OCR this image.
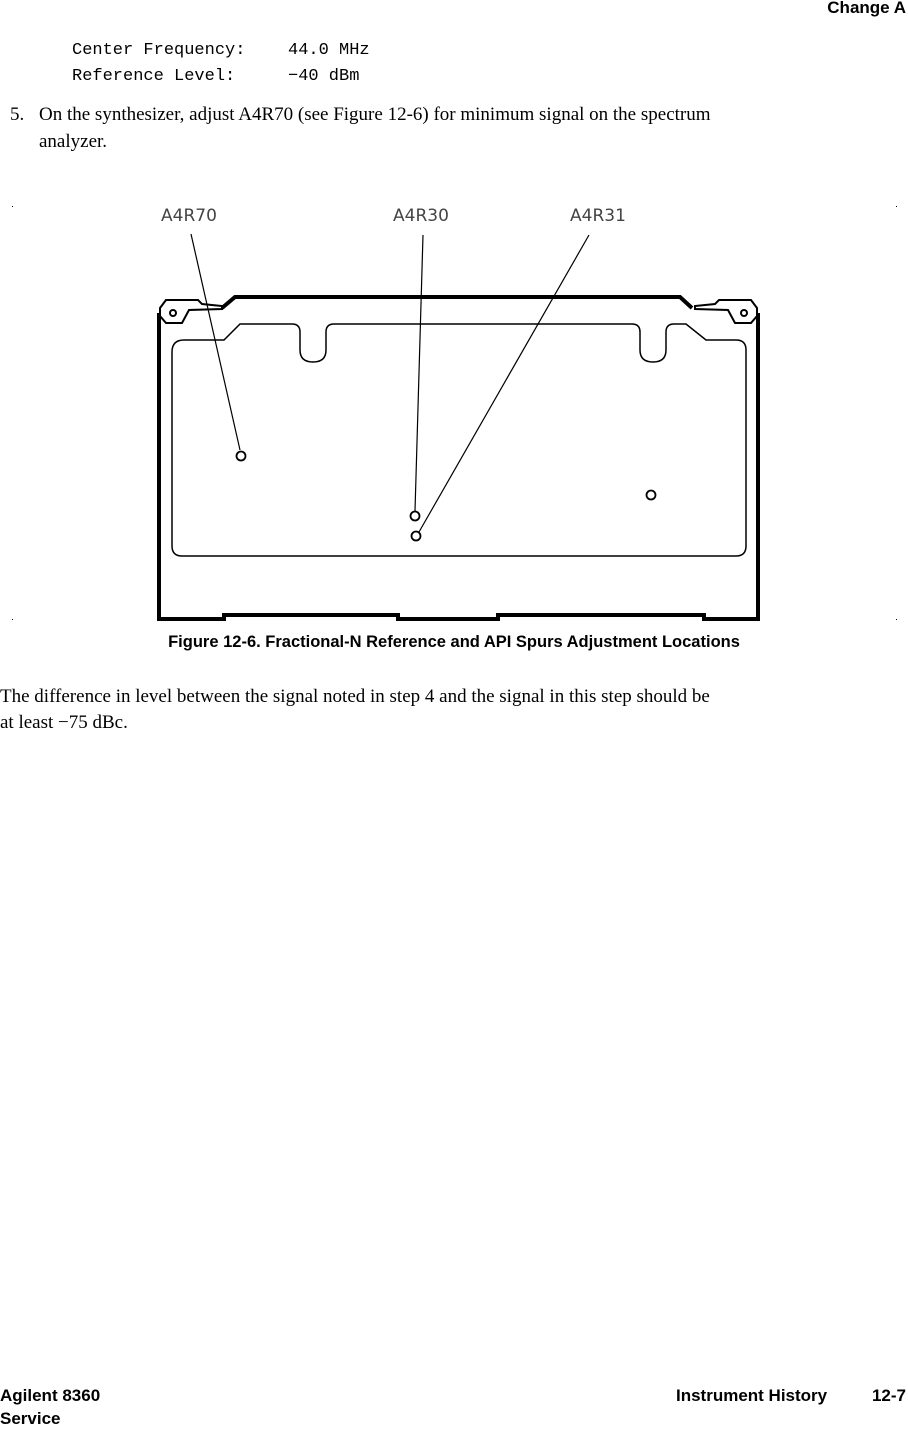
Change A
Center Frequency:	44.0 MHz
Reference Level:	−40 dBm
5. On the synthesizer, adjust A4R70 (see Figure 12-6) for minimum signal on the spectrum
analyzer.
A4R70	A4R30	A4R31
Figure 12-6. Fractional-N Reference and API Spurs Adjustment Locations
The difference in level between the signal noted in step 4 and the signal in this step should be
at least −75 dBc.
Agilent 8360
Service
Instrument History	12-7
